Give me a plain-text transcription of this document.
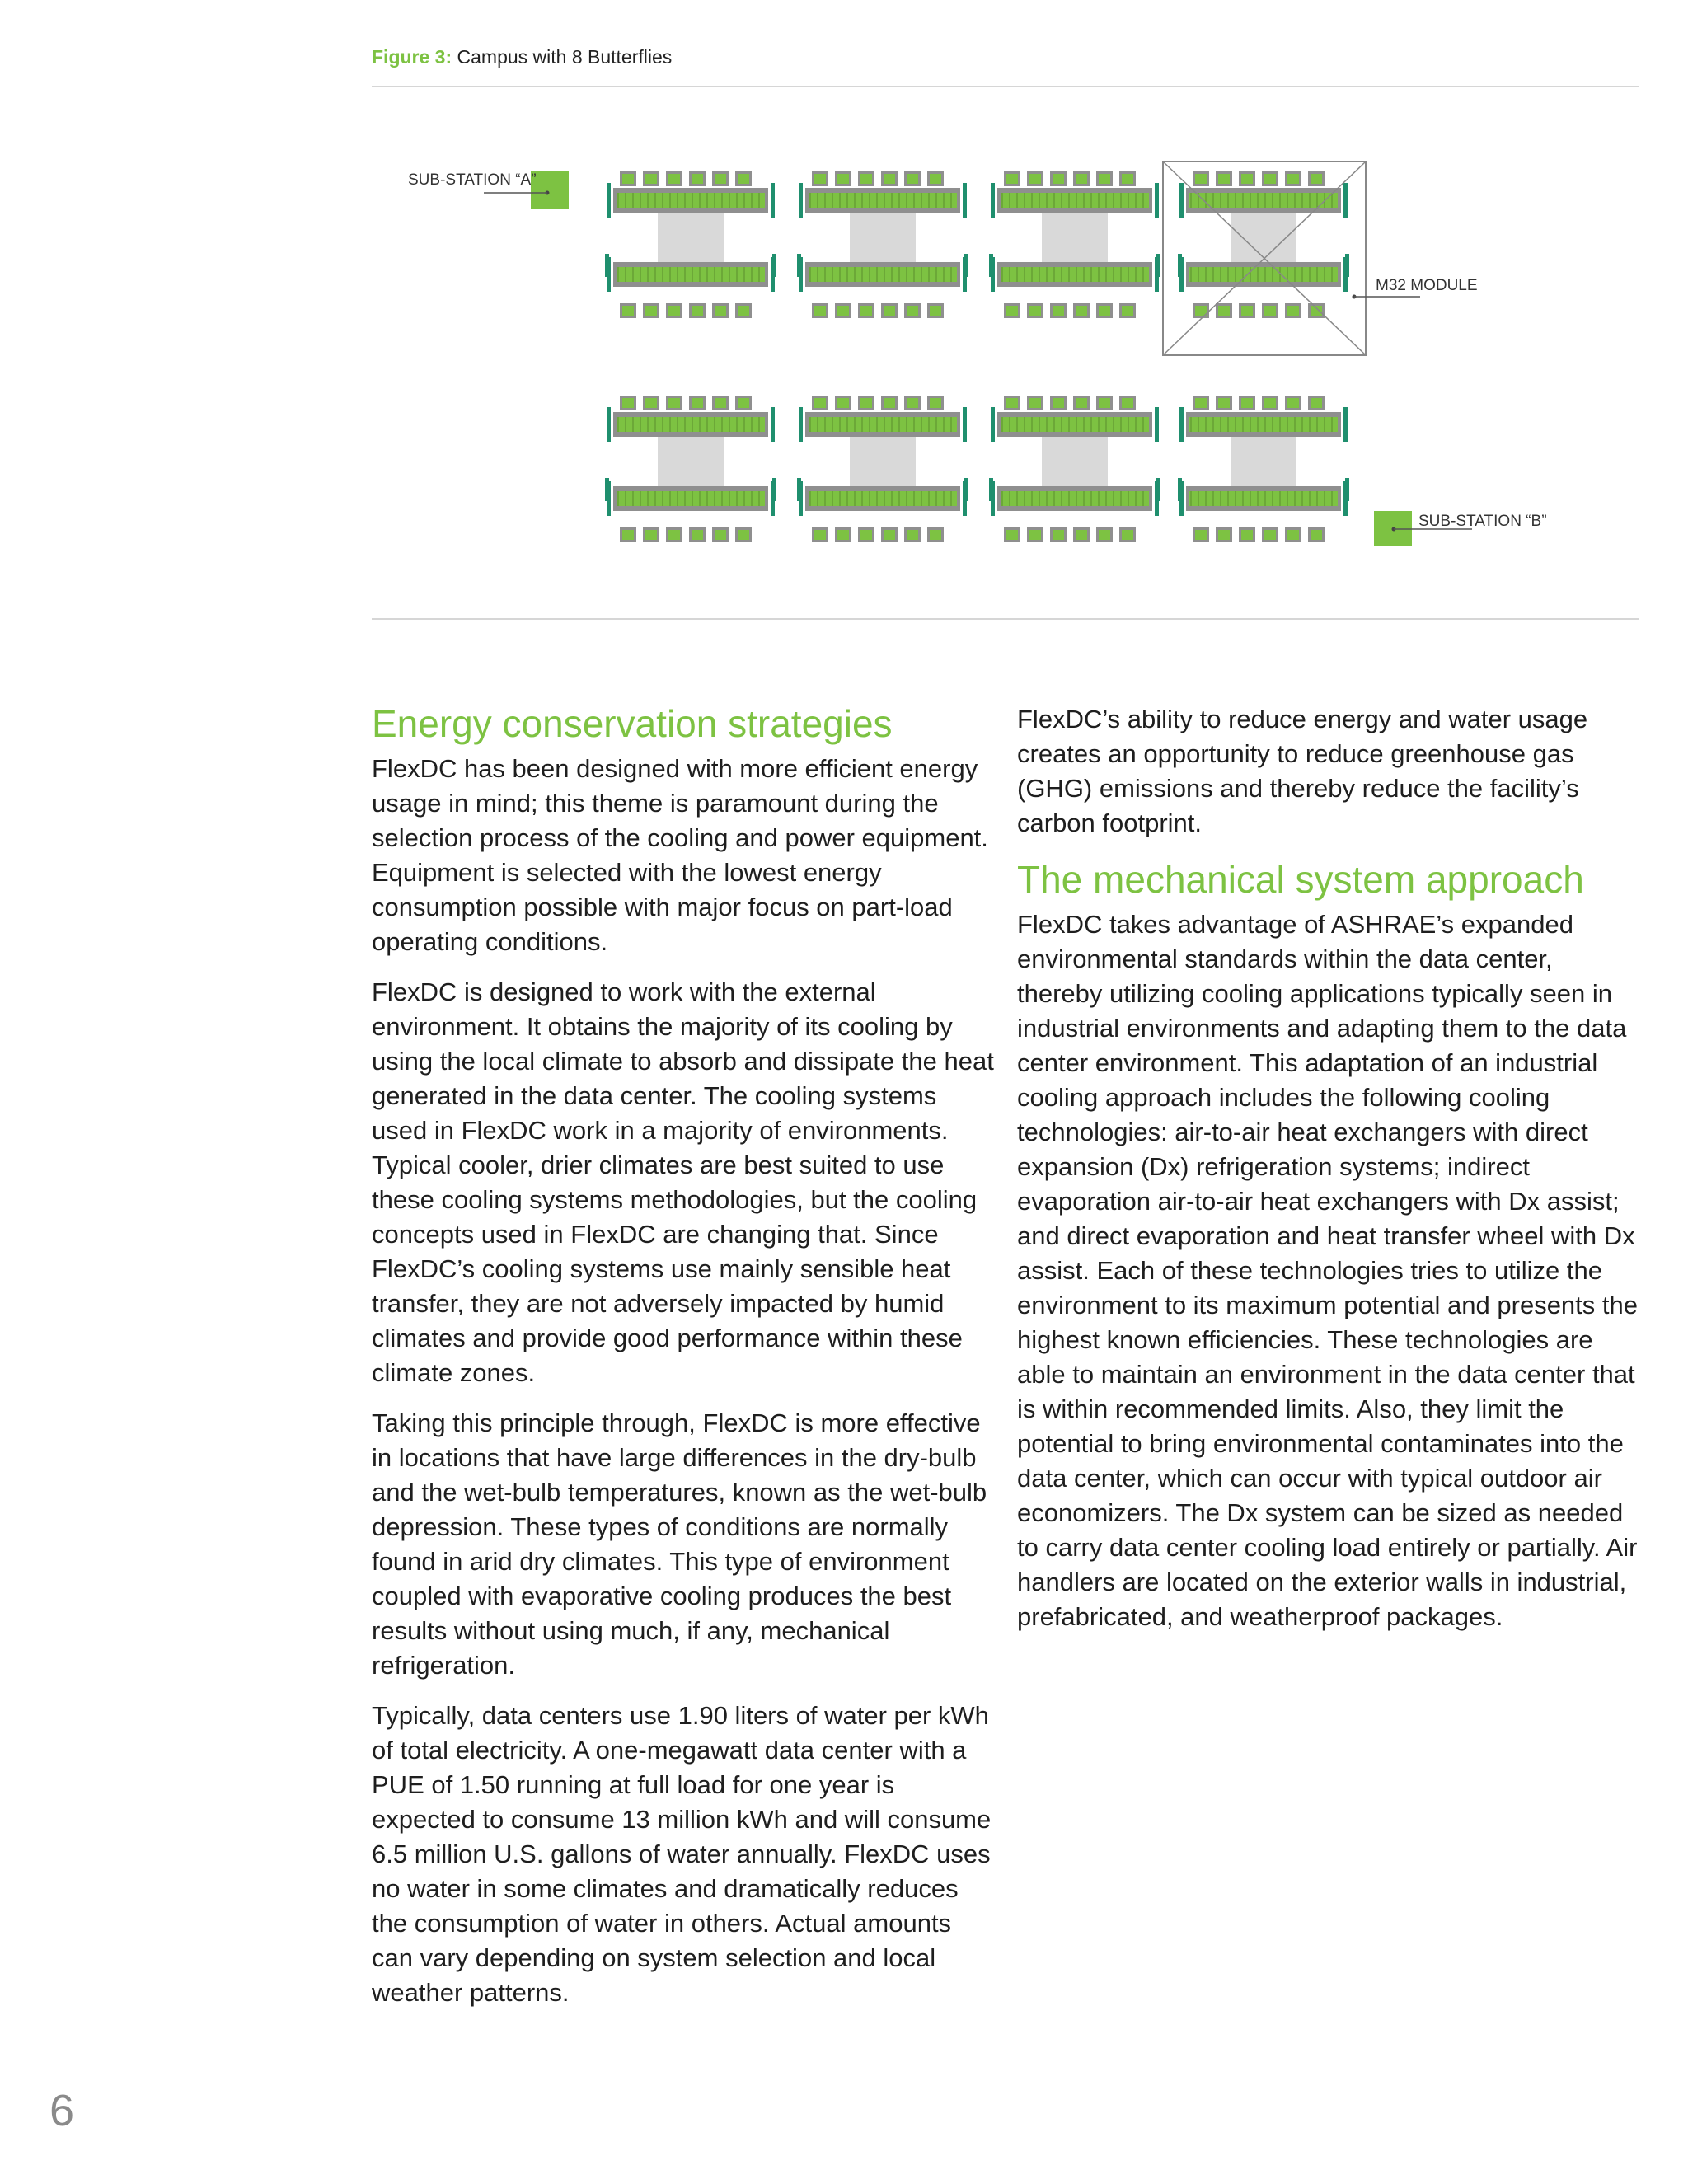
Figure 3: Campus with 8 Butterflies
SUB-STATION “A”
SUB-STATION “B”
M32 MODULE
Energy conservation strategies

FlexDC has been designed with more efficient energy usage in mind; this theme is paramount during the selection process of the cooling and power equipment. Equipment is selected with the lowest energy consumption possible with major focus on part-load operating conditions.

FlexDC is designed to work with the external environment. It obtains the majority of its cooling by using the local climate to absorb and dissipate the heat generated in the data center. The cooling systems used in FlexDC work in a majority of environments. Typical cooler, drier climates are best suited to use these cooling systems methodologies, but the cooling concepts used in FlexDC are changing that. Since FlexDC’s cooling systems use mainly sensible heat transfer, they are not adversely impacted by humid climates and provide good performance within these climate zones.

Taking this principle through, FlexDC is more effective in locations that have large differences in the dry-bulb and the wet-bulb temperatures, known as the wet-bulb depression. These types of conditions are normally found in arid dry climates. This type of environment coupled with evaporative cooling produces the best results without using much, if any, mechanical refrigeration.

Typically, data centers use 1.90 liters of water per kWh of total electricity. A one-megawatt data center with a PUE of 1.50 running at full load for one year is expected to consume 13 million kWh and will consume 6.5 million U.S. gallons of water annually. FlexDC uses no water in some climates and dramatically reduces the consumption of water in others. Actual amounts can vary depending on system selection and local weather patterns.

FlexDC’s ability to reduce energy and water usage creates an opportunity to reduce greenhouse gas (GHG) emissions and thereby reduce the facility’s carbon footprint.

The mechanical system approach

FlexDC takes advantage of ASHRAE’s expanded environmental standards within the data center, thereby utilizing cooling applications typically seen in industrial environments and adapting them to the data center environment. This adaptation of an industrial cooling approach includes the following cooling technologies: air-to-air heat exchangers with direct expansion (Dx) refrigeration systems; indirect evaporation air-to-air heat exchangers with Dx assist; and direct evaporation and heat transfer wheel with Dx assist. Each of these technologies tries to utilize the environment to its maximum potential and presents the highest known efficiencies. These technologies are able to maintain an environment in the data center that is within recommended limits. Also, they limit the potential to bring environmental contaminates into the data center, which can occur with typical outdoor air economizers. The Dx system can be sized as needed to carry data center cooling load entirely or partially. Air handlers are located on the exterior walls in industrial, prefabricated, and weatherproof packages.

6
